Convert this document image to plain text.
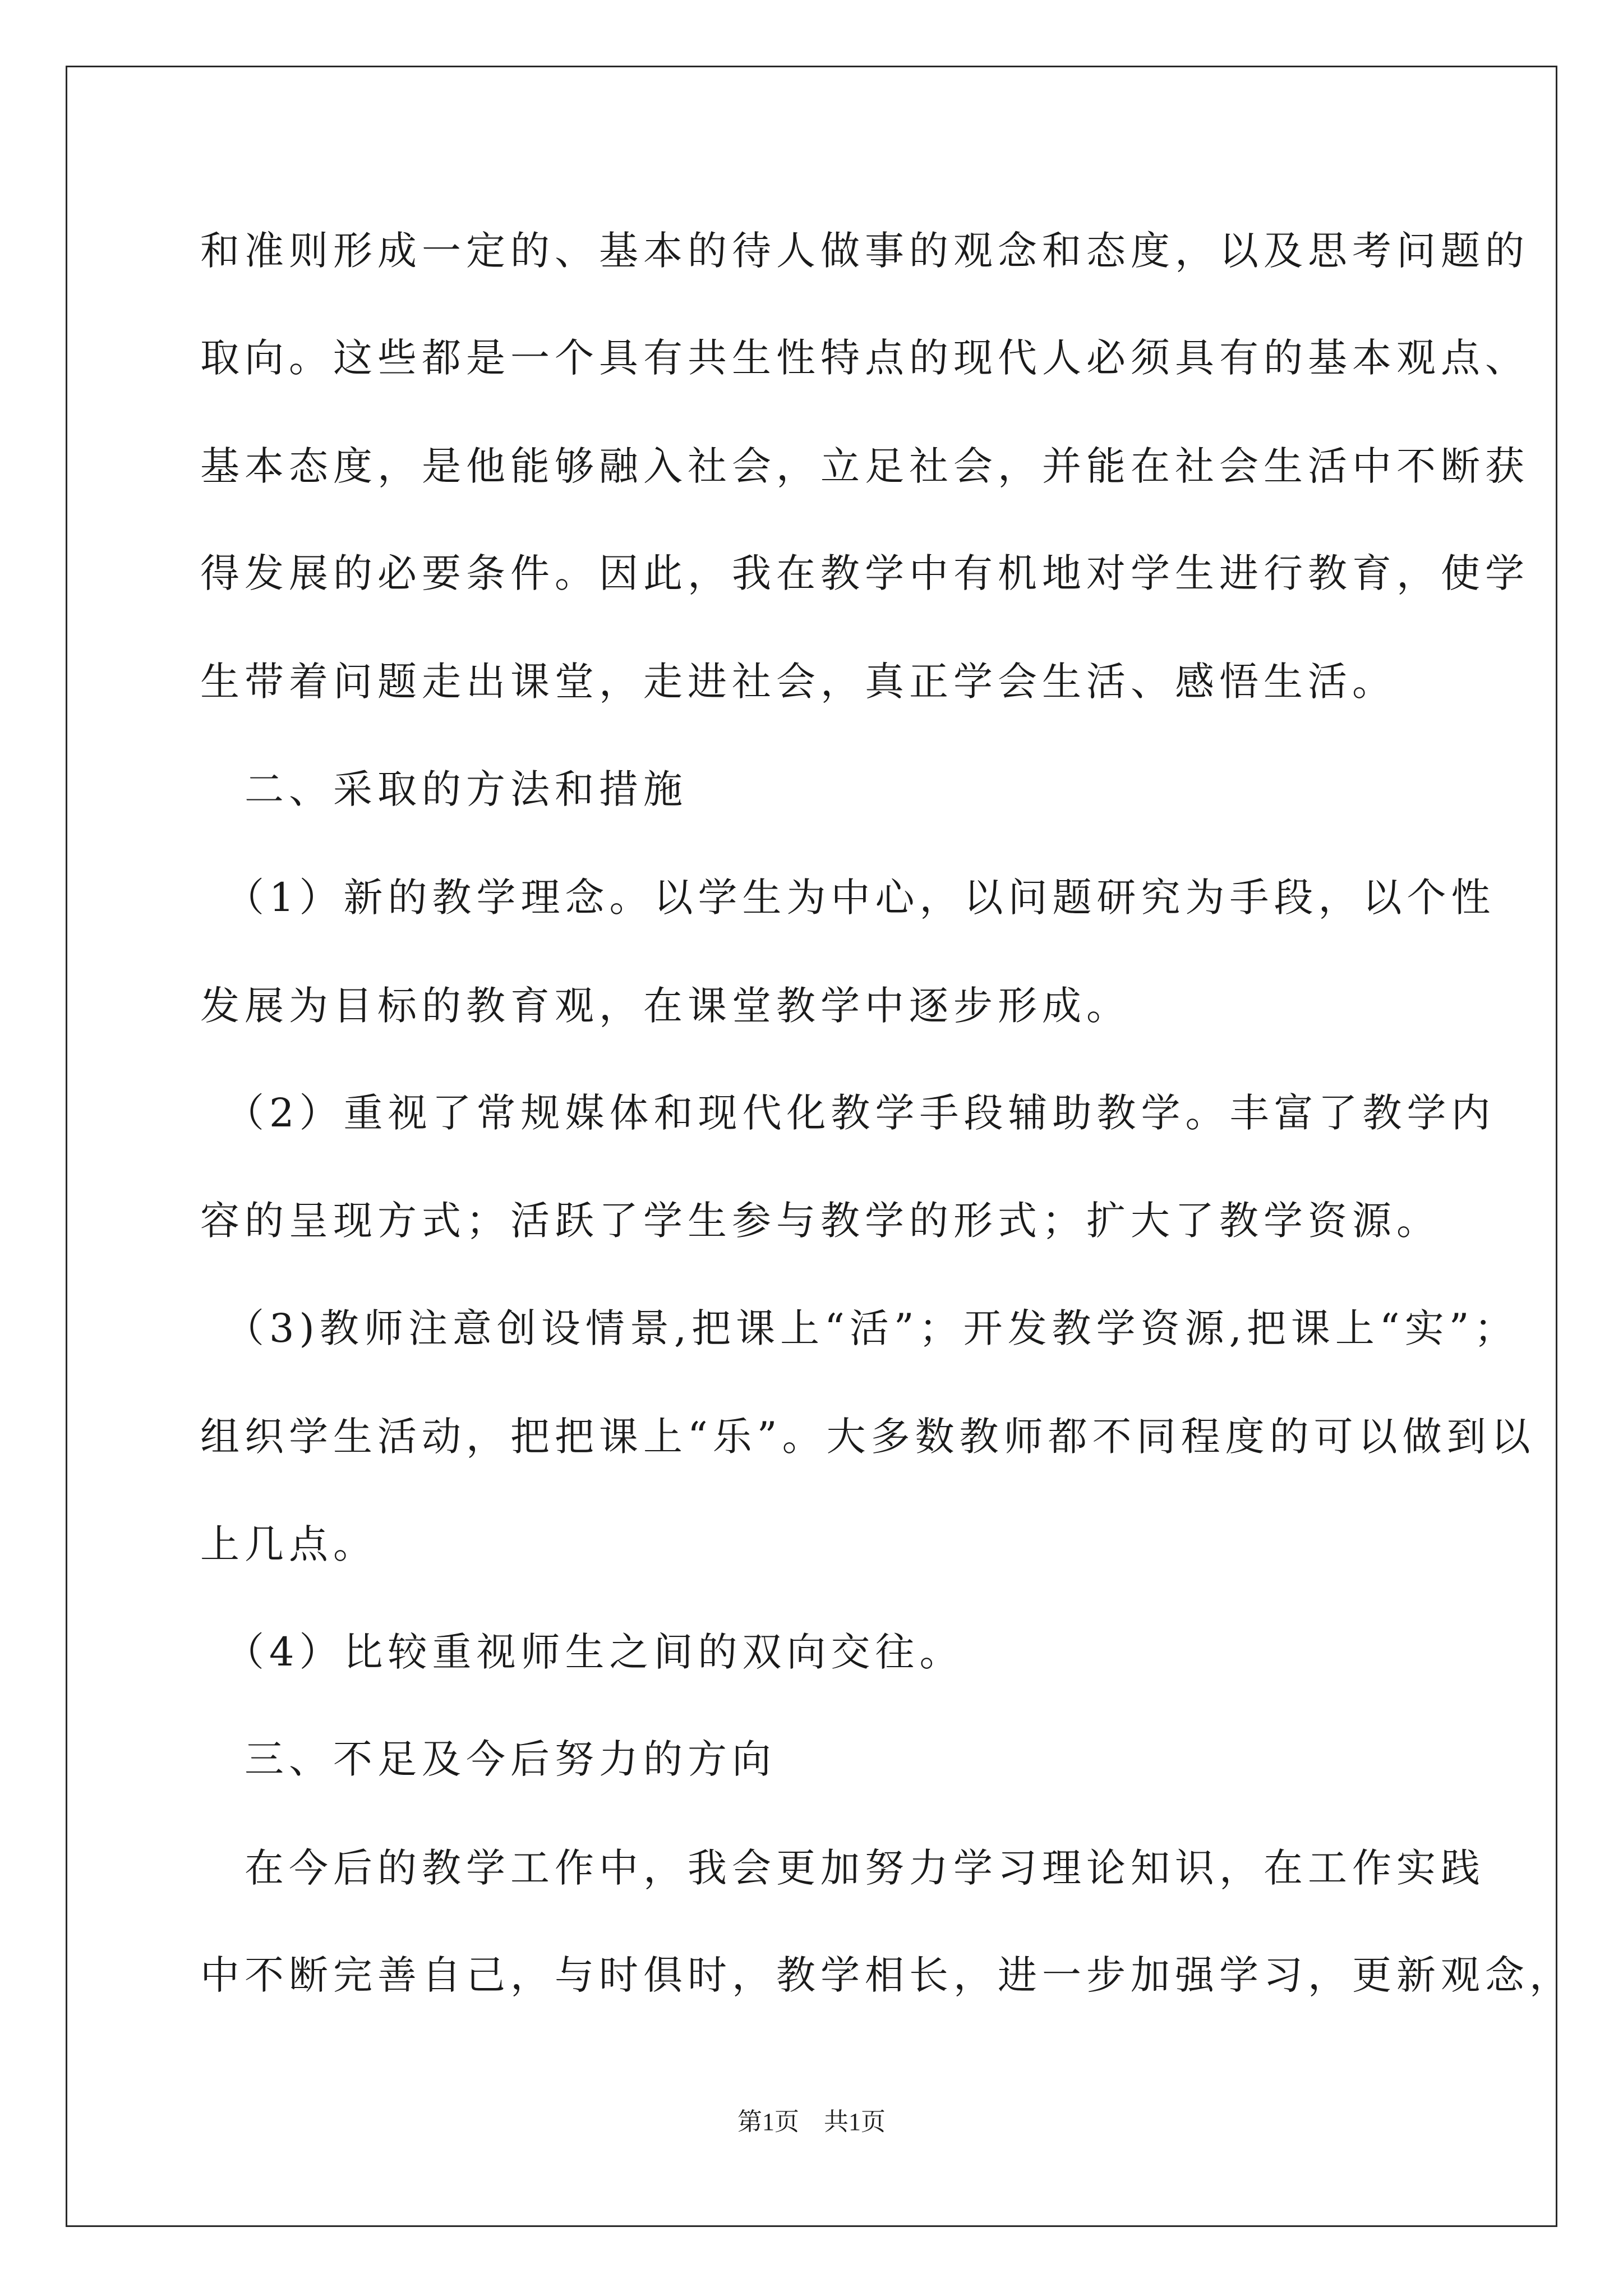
和准则形成一定的、基本的待人做事的观念和态度，以及思考问题的
取向。这些都是一个具有共生性特点的现代人必须具有的基本观点、
基本态度，是他能够融入社会，立足社会，并能在社会生活中不断获
得发展的必要条件。因此，我在教学中有机地对学生进行教育，使学
生带着问题走出课堂，走进社会，真正学会生活、感悟生活。
　二、采取的方法和措施
　（1）新的教学理念。以学生为中心，以问题研究为手段，以个性
发展为目标的教育观，在课堂教学中逐步形成。
　（2）重视了常规媒体和现代化教学手段辅助教学。丰富了教学内
容的呈现方式；活跃了学生参与教学的形式；扩大了教学资源。
　（3)教师注意创设情景,把课上“活”；开发教学资源,把课上“实”；
组织学生活动，把把课上“乐”。大多数教师都不同程度的可以做到以
上几点。
　（4）比较重视师生之间的双向交往。
　三、不足及今后努力的方向
　在今后的教学工作中，我会更加努力学习理论知识，在工作实践
中不断完善自己，与时俱时，教学相长，进一步加强学习，更新观念，
第1页　共1页
